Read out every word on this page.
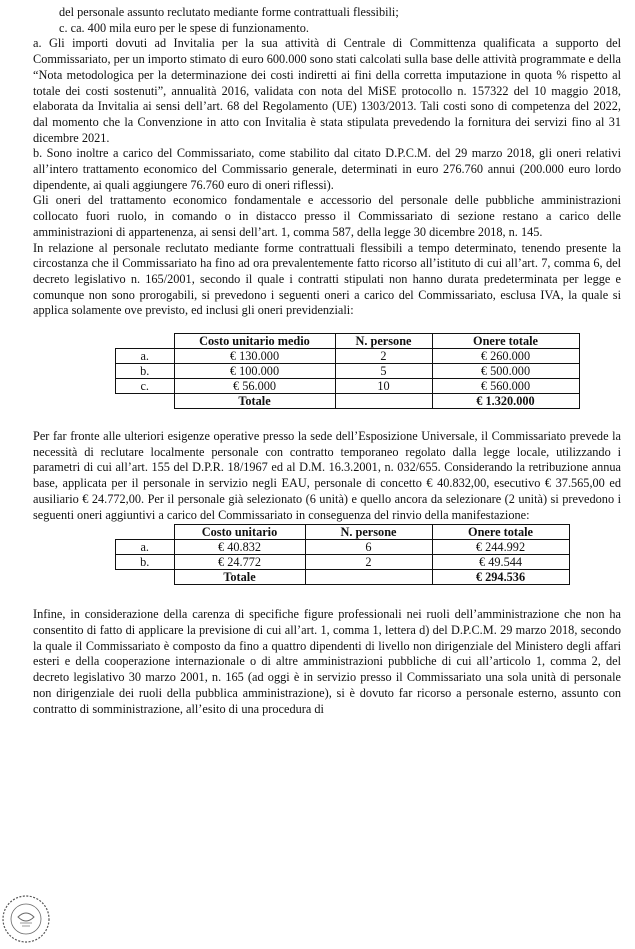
del personale assunto reclutato mediante forme contrattuali flessibili;

c. ca. 400 mila euro per le spese di funzionamento.

a. Gli importi dovuti ad Invitalia per la sua attività di Centrale di Committenza qualificata a supporto del Commissariato, per un importo stimato di euro 600.000 sono stati calcolati sulla base delle attività programmate e della “Nota metodologica per la determinazione dei costi indiretti ai fini della corretta imputazione in quota % rispetto al totale dei costi sostenuti”, annualità 2016, validata con nota del MiSE protocollo n. 157322 del 10 maggio 2018, elaborata da Invitalia ai sensi dell’art. 68 del Regolamento (UE) 1303/2013. Tali costi sono di competenza del 2022, dal momento che la Convenzione in atto con Invitalia è stata stipulata prevedendo la fornitura dei servizi fino al 31 dicembre 2021.

b. Sono inoltre a carico del Commissariato, come stabilito dal citato D.P.C.M. del 29 marzo 2018, gli oneri relativi all’intero trattamento economico del Commissario generale, determinati in euro 276.760 annui (200.000 euro lordo dipendente, ai quali aggiungere 76.760 euro di oneri riflessi).

Gli oneri del trattamento economico fondamentale e accessorio del personale delle pubbliche amministrazioni collocato fuori ruolo, in comando o in distacco presso il Commissariato di sezione restano a carico delle amministrazioni di appartenenza, ai sensi dell’art. 1, comma 587, della legge 30 dicembre 2018, n. 145.

In relazione al personale reclutato mediante forme contrattuali flessibili a tempo determinato, tenendo presente la circostanza che il Commissariato ha fino ad ora prevalentemente fatto ricorso all’istituto di cui all’art. 7, comma 6, del decreto legislativo n. 165/2001, secondo il quale i contratti stipulati non hanno durata predeterminata per legge e comunque non sono prorogabili, si prevedono i seguenti oneri a carico del Commissariato, esclusa IVA, la quale si applica solamente ove previsto, ed inclusi gli oneri previdenziali:

	Costo unitario medio	N. persone	Onere totale
a.	€ 130.000	2	€ 260.000
b.	€ 100.000	5	€ 500.000
c.	€ 56.000	10	€ 560.000
	Totale		€ 1.320.000

Per far fronte alle ulteriori esigenze operative presso la sede dell’Esposizione Universale, il Commissariato prevede la necessità di reclutare localmente personale con contratto temporaneo regolato dalla legge locale, utilizzando i parametri di cui all’art. 155 del D.P.R. 18/1967 ed al D.M. 16.3.2001, n. 032/655. Considerando la retribuzione annua base, applicata per il personale in servizio negli EAU, personale di concetto € 40.832,00, esecutivo € 37.565,00 ed ausiliario € 24.772,00. Per il personale già selezionato (6 unità) e quello ancora da selezionare (2 unità) si prevedono i seguenti oneri aggiuntivi a carico del Commissariato in conseguenza del rinvio della manifestazione:

	Costo unitario	N. persone	Onere totale
a.	€ 40.832	6	€ 244.992
b.	€ 24.772	2	€ 49.544
	Totale		€ 294.536

Infine, in considerazione della carenza di specifiche figure professionali nei ruoli dell’amministrazione che non ha consentito di fatto di applicare la previsione di cui all’art. 1, comma 1, lettera d) del D.P.C.M. 29 marzo 2018, secondo la quale il Commissariato è composto da fino a quattro dipendenti di livello non dirigenziale del Ministero degli affari esteri e della cooperazione internazionale o di altre amministrazioni pubbliche di cui all’articolo 1, comma 2, del decreto legislativo 30 marzo 2001, n. 165 (ad oggi è in servizio presso il Commissariato una sola unità di personale non dirigenziale dei ruoli della pubblica amministrazione), si è dovuto far ricorso a personale esterno, assunto con contratto di somministrazione, all’esito di una procedura di
